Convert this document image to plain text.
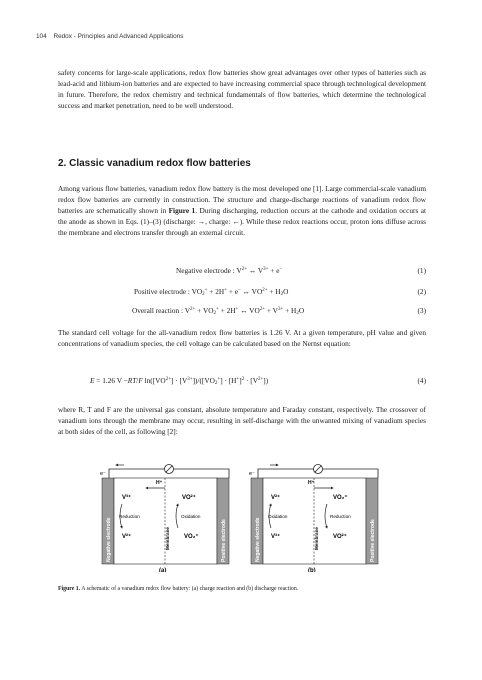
104 Redox - Principles and Advanced Applications

safety concerns for large-scale applications, redox flow batteries show great advantages over other types of batteries such as lead-acid and lithium-ion batteries and are expected to have increasing commercial space through technological development in future. Therefore, the redox chemistry and technical fundamentals of flow batteries, which determine the technological success and market penetration, need to be well understood.

2. Classic vanadium redox flow batteries

Among various flow batteries, vanadium redox flow battery is the most developed one [1]. Large commercial-scale vanadium redox flow batteries are currently in construction. The structure and charge-discharge reactions of vanadium redox flow batteries are schematically shown in Figure 1. During discharging, reduction occurs at the cathode and oxidation occurs at the anode as shown in Eqs. (1)–(3) (discharge: →, charge: ←). While these redox reactions occur, proton ions diffuse across the membrane and electrons transfer through an external circuit.

Negative electrode : $V^{2+}$ ↔ $V^{3+} + e^-$	(1)
Positive electrode : $VO_2^+ + 2H^+ + e^-$ ↔ $VO^{2+} + H_2O$	(2)
Overall reaction : $V^{2+} + VO_2^+ + 2H^+$ ↔ $VO^{2+} + V^{3+} + H_2O$	(3)

The standard cell voltage for the all-vanadium redox flow batteries is 1.26 V. At a given temperature, pH value and given concentrations of vanadium species, the cell voltage can be calculated based on the Nernst equation:

E = 1.26 V −RT/F $\ln(​[VO^{2+}] \cdot [V^{3+}])/([VO_2^+] \cdot [H^+]^2 \cdot [V^{2+}])$	(4)

where R, T and F are the universal gas constant, absolute temperature and Faraday constant, respectively. The crossover of vanadium ions through the membrane may occur, resulting in self-discharge with the unwanted mixing of vanadium species at both sides of the cell, as following [2]:

e⁻
Negative electrode	Membrane
H⁺
Positive electrode
V³⁺
Reduction
V²⁺
VO²⁺
Oxidation
VO₂⁺
(a)
e⁻
Negative electrode	Membrane
H⁺
Positive electrode
V²⁺
Oxidation
V³⁺
VO₂⁺
Reduction
VO²⁺
(b)
Figure 1. A schematic of a vanadium redox flow battery: (a) charge reaction and (b) discharge reaction.
